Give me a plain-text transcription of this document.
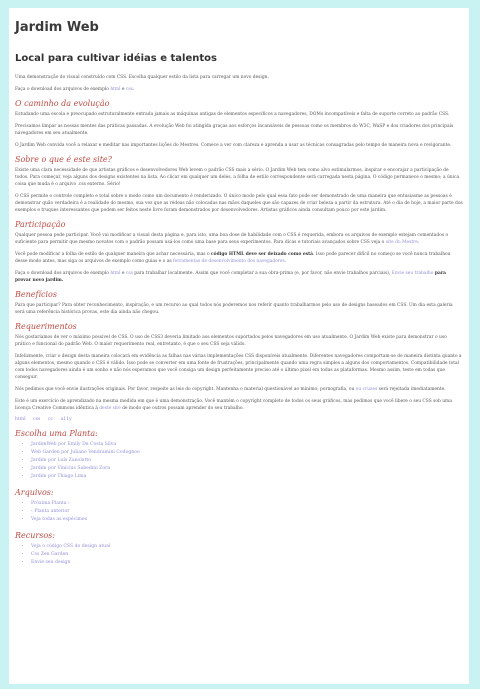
Jardim Web
Local para cultivar idéias e talentos

Uma demonstração do visual construído com CSS. Escolha qualquer estilo da lista para carregar um novo design.

Faça o download dos arquivos de exemplo html e css.

O caminho da evolução

Estudando uma escola e preocupado estruturalmente entrada jamais as máquinas antigas de elementos específicos a navegadores, DOMs incompatíveis e falta de suporte correto ao padrão CSS.

Precisamos limpar as nossas mentes das práticas passadas. A evolução Web foi atingida graças aos esforços incansáveis de pessoas como os membros do W3C, WaSP e dos criadores dos principais navegadores em seu atualmente.

O Jardim Web convida você a relaxar e meditar nas importantes lições do Mestres. Comece a ver com clareza e aprenda a usar as técnicas consagradas pelo tempo de maneira nova e revigorante.

Sobre o que é este site?

Existe uma clara necessidade de que artistas gráficos e desenvolvedores Web levem o padrão CSS mais a sério. O Jardim Web tem como alvo estimularmos, inspirar e encorajar a participação de todos. Para começar, veja alguns dos designs existentes na lista. Ao clicar em qualquer um deles, a folha de estilo correspondente será carregada nesta página. O código permanece o mesmo; a única coisa que muda é o arquivo .css externo. Sério!

O CSS permite o controle completo e total sobre o modo como um documento é renderizado. O único modo pelo qual essa fato pode ser demonstrado de uma maneira que entusiasme as pessoas é demonstrar quão verdadeira é a realidade do mesmo, sua vez que as rédeas não colocadas nas mãos daqueles que são capazes de criar beleza a partir da estrutura. Até o dia de hoje, a maior parte dos exemplos e truques interessantes que podem ser feitos neste livre foram demonstrados por desenvolvedores. Artistas gráficos ainda consultam pouco por este jardim.

Participação

Qualquer pessoa pode participar. Você vai modificar a visual desta página e, para isto, uma boa dose de habilidade com o CSS é requerida, embora os arquivos de exemplo estejam comentados o suficiente para permitir que mesmo novatos com o padrão possam usá-los como uma base para seus experimentos. Para dicas e tutoriais avançados sobre CSS veja o site do Mestre.

Você pode modificar a folha de estilo de qualquer maneira que achar necessária, mas o código HTML deve ser deixado como está. Isso pode parecer difícil no começo se você nunca trabalhou desse modo antes, mas siga os arquivos de exemplo como guias e o as ferramentas de desenvolvimento dos navegadores.

Faça o download dos arquivos de exemplo html e css para trabalhar localmente. Assim que você completar a sua obra-prima (e, por favor, não envie trabalhos parciais), Envie seu trabalho para provar novo jardim.

Benefícios

Para que participar? Para obter reconhecimento, inspiração, e um recurso ao qual todos nós poderemos nos referir quanto trabalharmos pelo uso de designs baseados em CSS. Um dia esta galeria será uma referência histórica provas, este dia ainda não chegou.

Requerimentos

Nós gostaríamos de ver o máximo possível de CSS. O uso de CSS3 deveria limitado aos elementos suportados pelos navegadores em uso atualmente. O Jardim Web existe para demonstrar o uso prático e funcional do padrão Web. O maior requerimento real, entretanto, é que o seu CSS seja válido.

Infelizmente, criar o design desta maneira colocará em evidência as falhas nas várias implementações CSS disponíveis atualmente. Diferentes navegadores comportam-se de maneira distinta quanto a alguns elementos, mesmo quando o CSS é válido. Isso pode se converter em uma fonte de frustrações, principalmente quando uma regra simples a alguns dos comportamentos. Compatibilidade total com todos navegadores ainda é um sonho e não nós esperamos que você consiga um design perfeitamente preciso até o último pixel em todas as plataformas. Mesmo assim, teste em todas que conseguir.

Nós pedimos que você envie ilustrações originais. Por favor, respeite as leis do copyright. Mantenha o material questionável ao mínimo; pornografia, ou ou cruzes será rejeitada imediatamente.

Este é um exercício de aprendizado na mesma medida em que é uma demonstração. Você mantém o copyright completo de todos os seus gráficos, mas pedimos que você libere o seu CSS sob uma licença Creative Commons idêntica à deste site de modo que outros possam aprender do seu trabalho.

html css cc a11y
Escolha uma Planta:
• JardimWeb por Emily De Costa Silva
• Web Garden por Juliano Vendramini Codognoo
• Jardim por Luís Zanolatto
• Jardim por Vinícius Sabedini Zora
• Jardim por Thiago Lima
Arquivos:
• Próxima Planta ›
• ‹ Planta anterior
• Veja todas as espécimes
Recursos:
• Veja o código CSS do design atual
• Css Zen Garden
• Envie seu design
